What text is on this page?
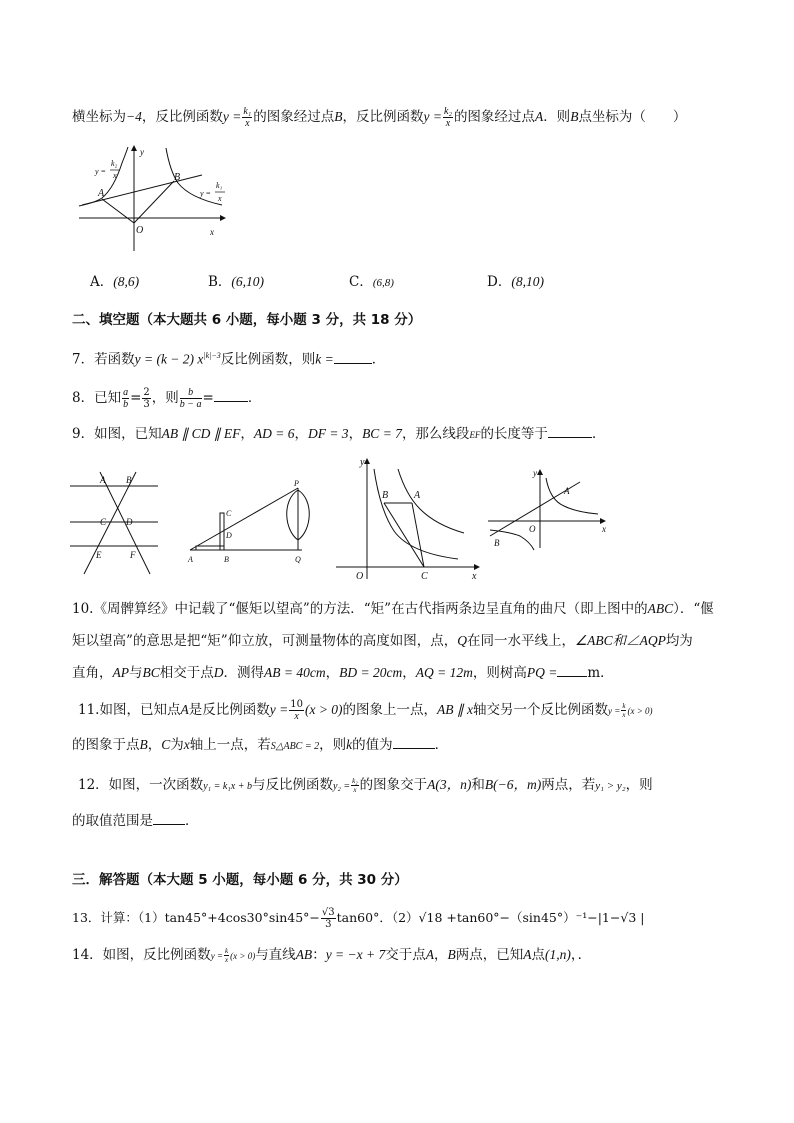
横坐标为−4，反比例函数$y = \frac{\text{k₁}}{x}$ 的图象经过点B，反比例函数$y = \frac{\text{k₂}}{x}$ 的图象经过点A．则B点坐标为（　　）
y
x
O
A
B
y =
k₂
x
y =
k₁
x
A．(8,6)	B．(6,10)	C．(6,8)	D．(8,10)
二、填空题（本大题共 6 小题，每小题 3 分，共 18 分）
7．若函数y = (k − 2) $x^{|k|-3}$反比例函数，则k =	．
8．已知 $\frac{a}{b} = \frac{2}{3}$ ，则 $\frac{b}{b - a}$ =	．
9．如图，已知AB ∥ CD ∥ EF，AD = 6，DF = 3，BC = 7，那么线段EF的长度等于	．
A B
C D
E	F
P
C
D
A	B	Q
y
x
O
A
B
C
y
x
O
A
B
10.《周髀算经》中记载了“偃矩以望高”的方法．“矩”在古代指两条边呈直角的曲尺（即上图中的ABC）．“偃
矩以望高”的意思是把“矩”仰立放，可测量物体的高度如图，点，Q在同一水平线上，∠ABC和∠AQP均为
直角，AP与BC相交于点D．测得AB = 40cm，BD = 20cm，AQ = 12m，则树高PQ = m．
11.如图，已知点A是反比例函数$y = \frac{10}{x} (x > 0)$的图象上一点，AB ∥ x轴交另一个反比例函数$y = \frac{k}{x} (x > 0)$
的图象于点B，C为x轴上一点，若S△ABC = 2，则k的值为	．
12．如图，一次函数y₁ = k₁x + b与反比例函数$y_2 = \frac{\text{k₂}}{x}$ 的图象交于A(3，n)和B(−6，m)两点，若y₁ > y₂，则
的取值范围是 ．
三．解答题（本大题 5 小题，每小题 6 分，共 30 分）
13．计算：$(1)\tan 45^\circ+4\cos 30^\circ\sin 45^\circ- \frac{√3}{3} \tan 60^\circ$．（2）√18 +tan60°−（sin45°）⁻¹−|1−√3 |
14．如图，反比例函数$y = \frac{k}{x} (x > 0)$与直线AB：y = −x + 7交于点A，B两点，已知A点(1,n)，．
